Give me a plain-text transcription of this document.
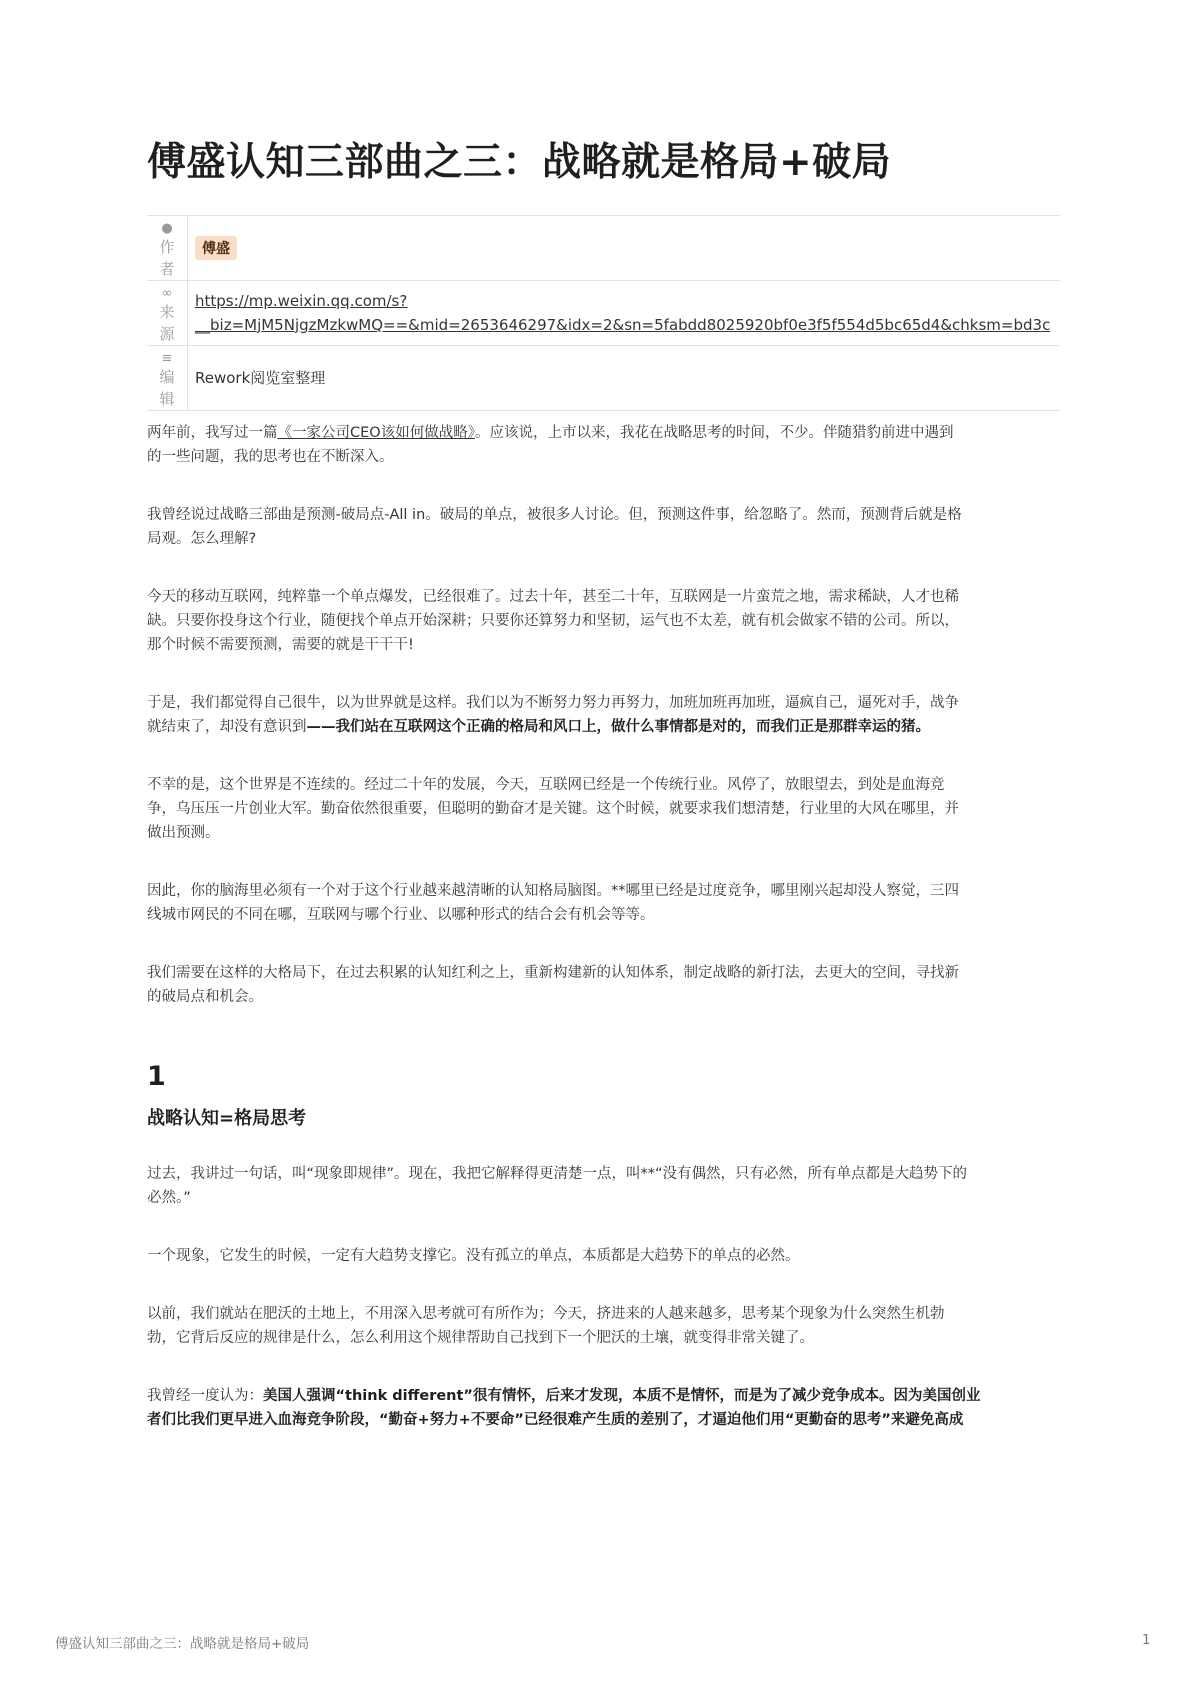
傅盛认知三部曲之三：战略就是格局+破局
●
作者
傅盛
∞
来源
https://mp.weixin.qq.com/s?
__biz=MjM5NjgzMzkwMQ==&mid=2653646297&idx=2&sn=5fabdd8025920bf0e3f5f554d5bc65d4&chksm=bd3c
≡
编辑
Rework阅览室整理

两年前，我写过一篇《一家公司CEO该如何做战略》。应该说，上市以来，我花在战略思考的时间，不少。伴随猎豹前进中遇到

的一些问题，我的思考也在不断深入。

我曾经说过战略三部曲是预测-破局点-All in。破局的单点，被很多人讨论。但，预测这件事，给忽略了。然而，预测背后就是格

局观。怎么理解?

今天的移动互联网，纯粹靠一个单点爆发，已经很难了。过去十年，甚至二十年，互联网是一片蛮荒之地，需求稀缺，人才也稀

缺。只要你投身这个行业，随便找个单点开始深耕；只要你还算努力和坚韧，运气也不太差，就有机会做家不错的公司。所以，

那个时候不需要预测，需要的就是干干干!

于是，我们都觉得自己很牛，以为世界就是这样。我们以为不断努力努力再努力，加班加班再加班，逼疯自己，逼死对手，战争

就结束了，却没有意识到——我们站在互联网这个正确的格局和风口上，做什么事情都是对的，而我们正是那群幸运的猪。

不幸的是，这个世界是不连续的。经过二十年的发展，今天，互联网已经是一个传统行业。风停了，放眼望去，到处是血海竞

争，乌压压一片创业大军。勤奋依然很重要，但聪明的勤奋才是关键。这个时候，就要求我们想清楚，行业里的大风在哪里，并

做出预测。

因此，你的脑海里必须有一个对于这个行业越来越清晰的认知格局脑图。**哪里已经是过度竞争，哪里刚兴起却没人察觉，三四

线城市网民的不同在哪，互联网与哪个行业、以哪种形式的结合会有机会等等。

我们需要在这样的大格局下，在过去积累的认知红利之上，重新构建新的认知体系，制定战略的新打法，去更大的空间，寻找新

的破局点和机会。

1
战略认知=格局思考

过去，我讲过一句话，叫“现象即规律”。现在，我把它解释得更清楚一点，叫**“没有偶然，只有必然，所有单点都是大趋势下的

必然。”

一个现象，它发生的时候，一定有大趋势支撑它。没有孤立的单点，本质都是大趋势下的单点的必然。

以前，我们就站在肥沃的土地上，不用深入思考就可有所作为；今天，挤进来的人越来越多，思考某个现象为什么突然生机勃

勃，它背后反应的规律是什么，怎么利用这个规律帮助自己找到下一个肥沃的土壤，就变得非常关键了。

我曾经一度认为：美国人强调“think different”很有情怀，后来才发现，本质不是情怀，而是为了减少竞争成本。因为美国创业

者们比我们更早进入血海竞争阶段，“勤奋+努力+不要命”已经很难产生质的差别了，才逼迫他们用“更勤奋的思考”来避免高成

傅盛认知三部曲之三：战略就是格局+破局	1
